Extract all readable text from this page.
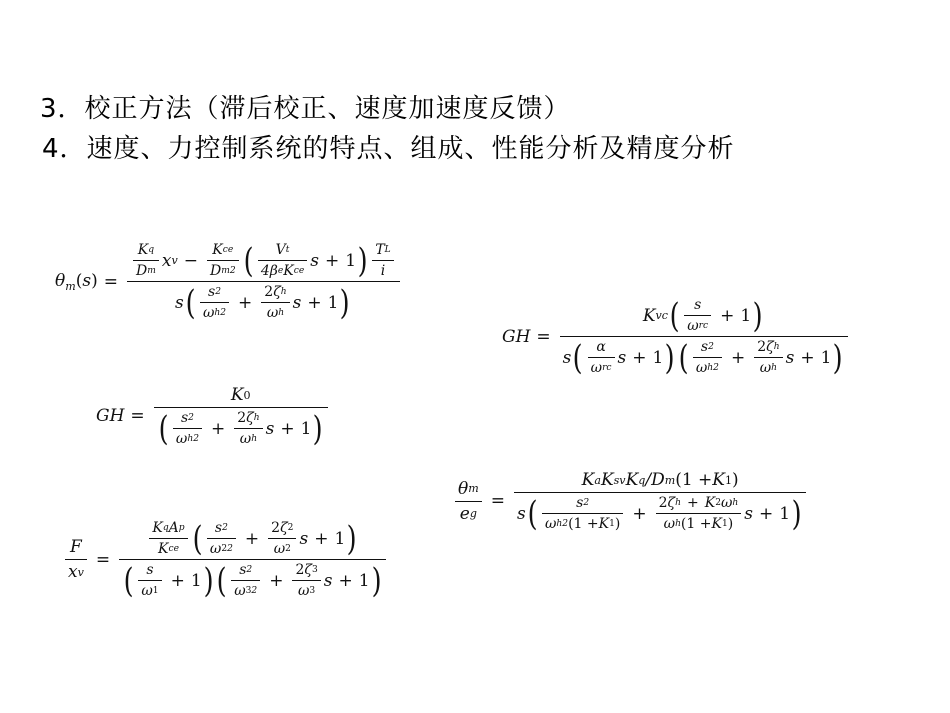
3．校正方法（滞后校正、速度加速度反馈）
4．速度、力控制系统的特点、组成、性能分析及精度分析
$\theta_m(s)$ =
$\frac{\text{K q}}{\text{D m}}$ x $v - \frac{\text{K ce}}{\text{D m 2}}$ ( $\frac{\text{V t}}{\text{4β e K ce}}$ s + 1 ) $\frac{\text{T L}}{i}$
s ( $\frac{s 2}{\text{ω h 2}} + \frac{\text{2 ζ h}}{\text{ω h}}$ s + 1 )
GH =
K vc ( $\frac{s}{\text{ω rc}} + 1$ )
s ( $\frac{\alpha}{\text{ω rc}}$ s + 1 ) ( $\frac{s 2}{\text{ω h 2}} + \frac{\text{2 ζ h}}{\text{ω h}}$ s + 1 )
GH = $\frac{K 0}{( \frac{s 2}{\text{ω h 2}} + \frac{\text{2 ζ h}}{\text{ω h}} s + 1 )}$
$\frac{\text{θ m}}{\text{e g}}$ =
K a K sv K q /D m (1 + K 1 )
s ( $\frac{s 2}{\text{ω h 2 (1 + K 1 )}} + \frac{\text{2 ζ h + K 2 ω h}}{\text{ω h (1 + K 1 )}}$ s + 1 )
$\frac{F}{\text{x v}}$ =
$\frac{\text{K q A p}}{\text{K ce}}$ ( $\frac{s 2}{\omega 2 2} + \frac{2 \zeta 2}{\omega 2}$ s + 1 )
( $\frac{s}{\omega 1} + 1$ ) ( $\frac{s 2}{\omega 3 2} + \frac{2 \zeta 3}{\omega 3}$ s + 1 )
